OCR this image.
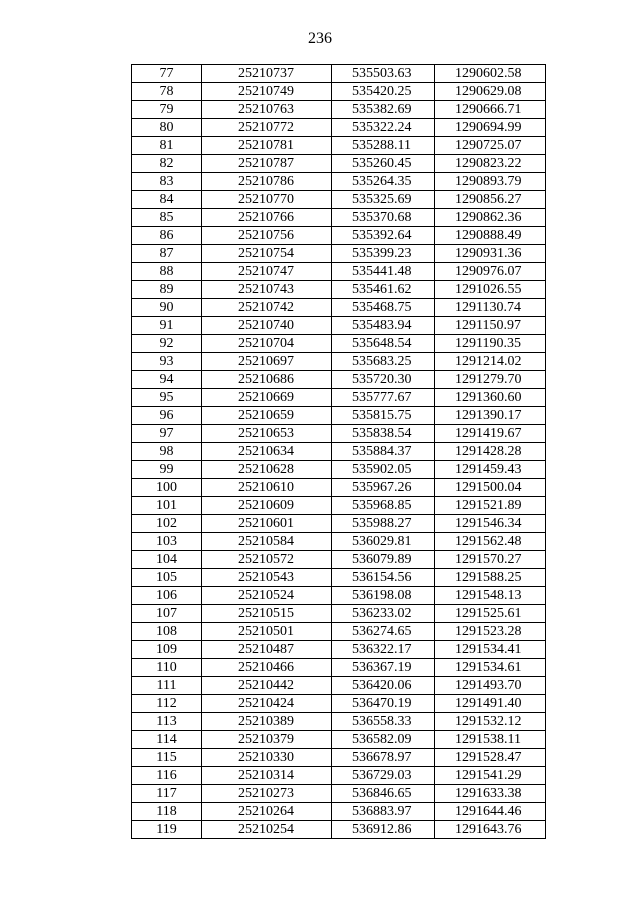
236
77	25210737	535503.63	1290602.58
78	25210749	535420.25	1290629.08
79	25210763	535382.69	1290666.71
80	25210772	535322.24	1290694.99
81	25210781	535288.11	1290725.07
82	25210787	535260.45	1290823.22
83	25210786	535264.35	1290893.79
84	25210770	535325.69	1290856.27
85	25210766	535370.68	1290862.36
86	25210756	535392.64	1290888.49
87	25210754	535399.23	1290931.36
88	25210747	535441.48	1290976.07
89	25210743	535461.62	1291026.55
90	25210742	535468.75	1291130.74
91	25210740	535483.94	1291150.97
92	25210704	535648.54	1291190.35
93	25210697	535683.25	1291214.02
94	25210686	535720.30	1291279.70
95	25210669	535777.67	1291360.60
96	25210659	535815.75	1291390.17
97	25210653	535838.54	1291419.67
98	25210634	535884.37	1291428.28
99	25210628	535902.05	1291459.43
100	25210610	535967.26	1291500.04
101	25210609	535968.85	1291521.89
102	25210601	535988.27	1291546.34
103	25210584	536029.81	1291562.48
104	25210572	536079.89	1291570.27
105	25210543	536154.56	1291588.25
106	25210524	536198.08	1291548.13
107	25210515	536233.02	1291525.61
108	25210501	536274.65	1291523.28
109	25210487	536322.17	1291534.41
110	25210466	536367.19	1291534.61
111	25210442	536420.06	1291493.70
112	25210424	536470.19	1291491.40
113	25210389	536558.33	1291532.12
114	25210379	536582.09	1291538.11
115	25210330	536678.97	1291528.47
116	25210314	536729.03	1291541.29
117	25210273	536846.65	1291633.38
118	25210264	536883.97	1291644.46
119	25210254	536912.86	1291643.76
